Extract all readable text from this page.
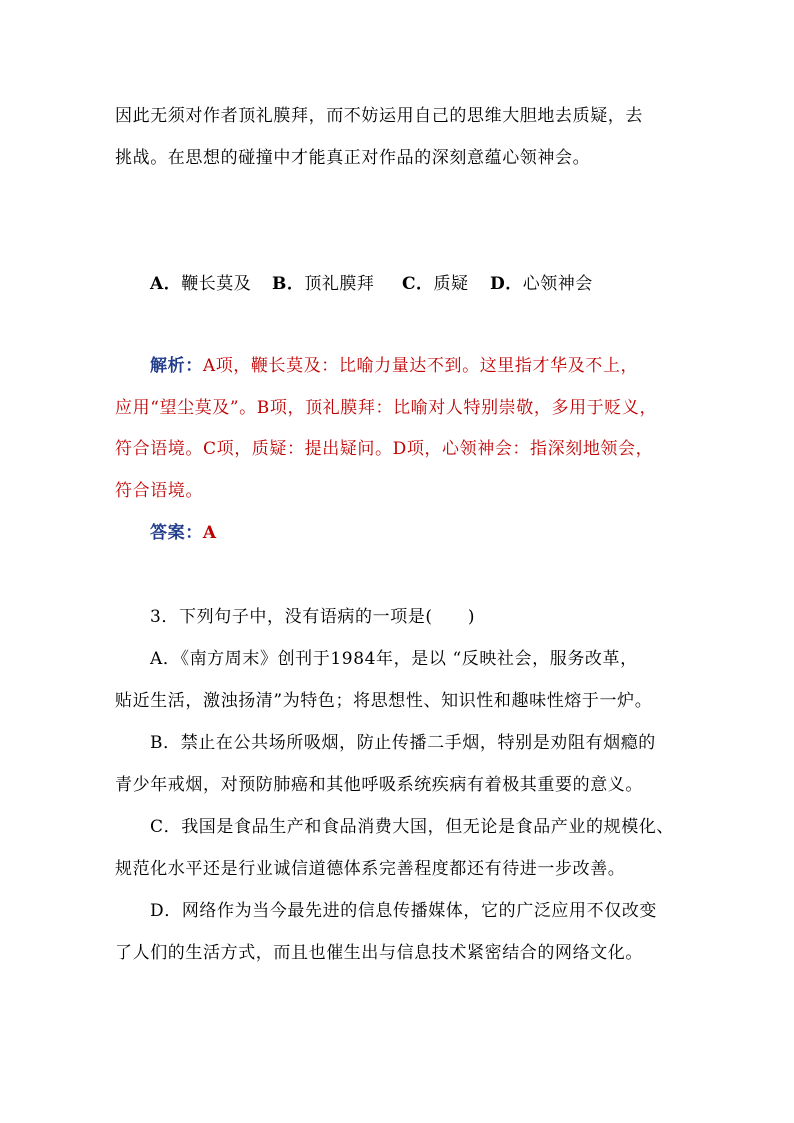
因此无须对作者顶礼膜拜，而不妨运用自己的思维大胆地去质疑，去
挑战。在思想的碰撞中才能真正对作品的深刻意蕴心领神会。
A．鞭长莫及 B．顶礼膜拜 C．质疑 D．心领神会
解析：A项，鞭长莫及：比喻力量达不到。这里指才华及不上，
应用“望尘莫及”。B项，顶礼膜拜：比喻对人特别崇敬，多用于贬义，
符合语境。C项，质疑：提出疑问。D项，心领神会：指深刻地领会，
符合语境。
答案：A
3．下列句子中，没有语病的一项是(　　)
A．《南方周末》创刊于1984年，是以 “反映社会，服务改革，
贴近生活，激浊扬清”为特色；将思想性、知识性和趣味性熔于一炉。
B．禁止在公共场所吸烟，防止传播二手烟，特别是劝阻有烟瘾的
青少年戒烟，对预防肺癌和其他呼吸系统疾病有着极其重要的意义。
C．我国是食品生产和食品消费大国，但无论是食品产业的规模化、
规范化水平还是行业诚信道德体系完善程度都还有待进一步改善。
D．网络作为当今最先进的信息传播媒体，它的广泛应用不仅改变
了人们的生活方式，而且也催生出与信息技术紧密结合的网络文化。
